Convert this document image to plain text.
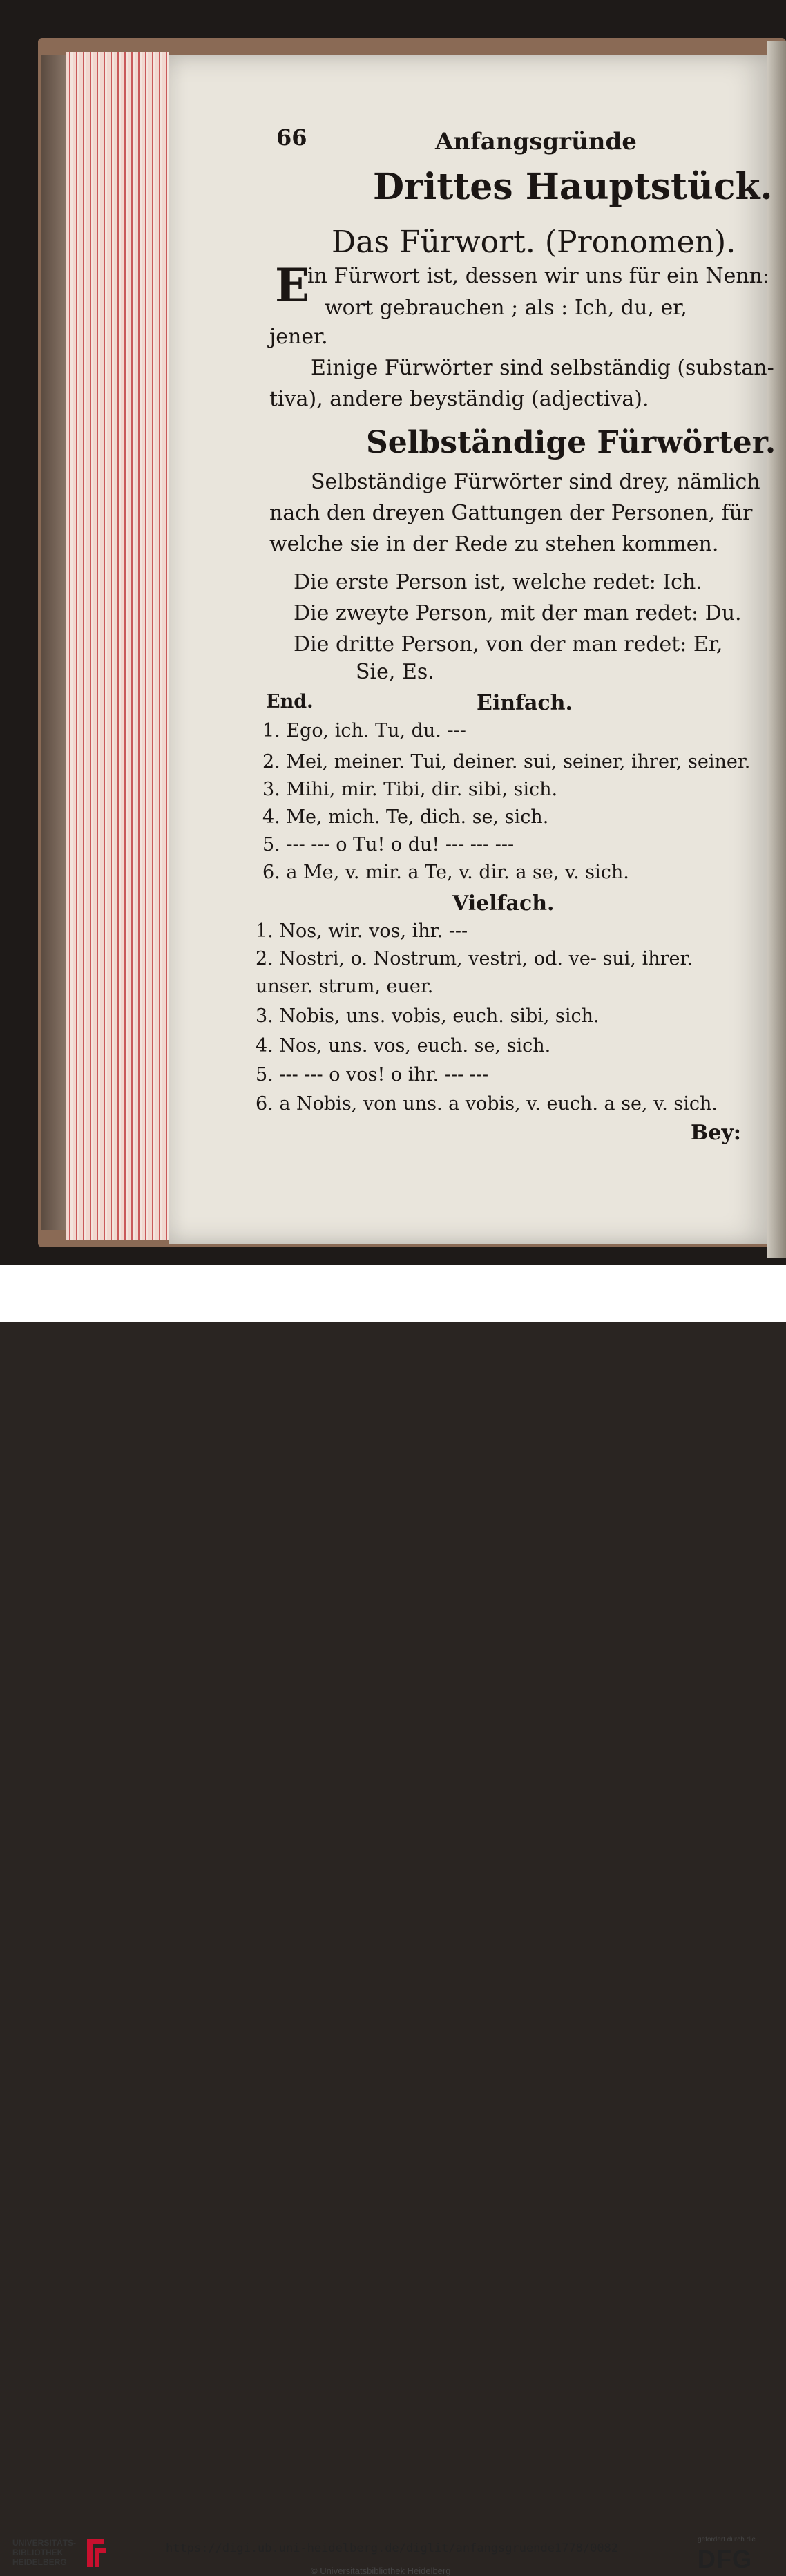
66	Anfangsgründe
Drittes Hauptstück.
Das Fürwort. (Pronomen).
E
in Fürwort ist, dessen wir uns für ein Nenn:
wort gebrauchen ; als : Ich, du, er,
jener.
Einige Fürwörter sind selbständig (substan-
tiva), andere beyständig (adjectiva).
Selbständige Fürwörter.
Selbständige Fürwörter sind drey, nämlich
nach den dreyen Gattungen der Personen, für
welche sie in der Rede zu stehen kommen.
Die erste Person ist, welche redet: Ich.
Die zweyte Person, mit der man redet: Du.
Die dritte Person, von der man redet: Er,
Sie, Es.
End.	Einfach.
1. Ego, ich. Tu, du. ---
2. Mei, meiner. Tui, deiner. sui, seiner, ihrer, seiner.
3. Mihi, mir. Tibi, dir. sibi, sich.
4. Me, mich. Te, dich. se, sich.
5. --- --- o Tu! o du! --- --- ---
6. a Me, v. mir. a Te, v. dir. a se, v. sich.
Vielfach.
1. Nos, wir. vos, ihr. ---
2. Nostri, o. Nostrum, vestri, od. ve- sui, ihrer.
unser. strum, euer.
3. Nobis, uns. vobis, euch. sibi, sich.
4. Nos, uns. vos, euch. se, sich.
5. --- --- o vos! o ihr. --- ---
6. a Nobis, von uns. a vobis, v. euch. a se, v. sich.
Bey:
UNIVERSITÄTS-
BIBLIOTHEK
HEIDELBERG
https://digi.ub.uni-heidelberg.de/diglit/anfangsgruende1778/0082
© Universitätsbibliothek Heidelberg
gefördert durch die
DFG
